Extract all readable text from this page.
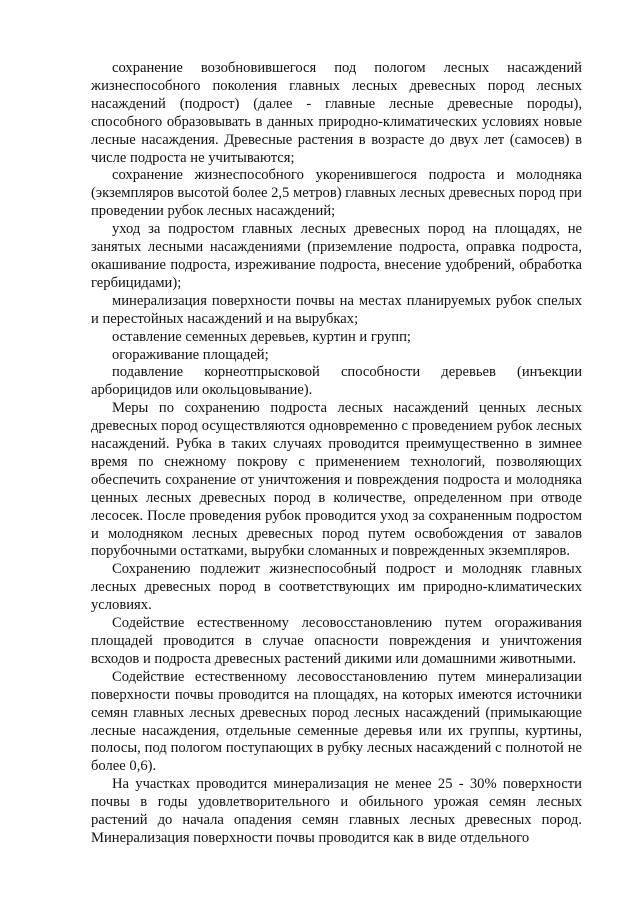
сохранение возобновившегося под пологом лесных насаждений жизнеспособного поколения главных лесных древесных пород лесных насаждений (подрост) (далее - главные лесные древесные породы), способного образовывать в данных природно-климатических условиях новые лесные насаждения. Древесные растения в возрасте до двух лет (самосев) в числе подроста не учитываются;

сохранение жизнеспособного укоренившегося подроста и молодняка (экземпляров высотой более 2,5 метров) главных лесных древесных пород при проведении рубок лесных насаждений;

уход за подростом главных лесных древесных пород на площадях, не занятых лесными насаждениями (приземление подроста, оправка подроста, окашивание подроста, изреживание подроста, внесение удобрений, обработка гербицидами);

минерализация поверхности почвы на местах планируемых рубок спелых и перестойных насаждений и на вырубках;

оставление семенных деревьев, куртин и групп;

огораживание площадей;

подавление корнеотпрысковой способности деревьев (инъекции арборицидов или окольцовывание).

Меры по сохранению подроста лесных насаждений ценных лесных древесных пород осуществляются одновременно с проведением рубок лесных насаждений. Рубка в таких случаях проводится преимущественно в зимнее время по снежному покрову с применением технологий, позволяющих обеспечить сохранение от уничтожения и повреждения подроста и молодняка ценных лесных древесных пород в количестве, определенном при отводе лесосек. После проведения рубок проводится уход за сохраненным подростом и молодняком лесных древесных пород путем освобождения от завалов порубочными остатками, вырубки сломанных и поврежденных экземпляров.

Сохранению подлежит жизнеспособный подрост и молодняк главных лесных древесных пород в соответствующих им природно-климатических условиях.

Содействие естественному лесовосстановлению путем огораживания площадей проводится в случае опасности повреждения и уничтожения всходов и подроста древесных растений дикими или домашними животными.

Содействие естественному лесовосстановлению путем минерализации поверхности почвы проводится на площадях, на которых имеются источники семян главных лесных древесных пород лесных насаждений (примыкающие лесные насаждения, отдельные семенные деревья или их группы, куртины, полосы, под пологом поступающих в рубку лесных насаждений с полнотой не более 0,6).

На участках проводится минерализация не менее 25 - 30% поверхности почвы в годы удовлетворительного и обильного урожая семян лесных растений до начала опадения семян главных лесных древесных пород. Минерализация поверхности почвы проводится как в виде отдельного
